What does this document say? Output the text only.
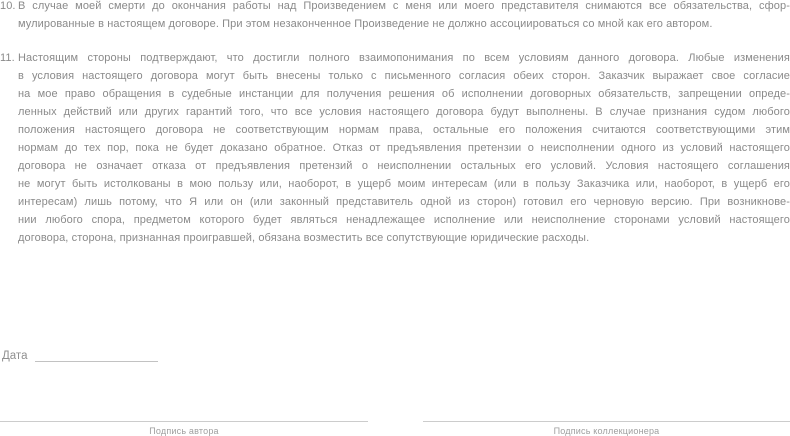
10. В случае моей смерти до окончания работы над Произведением с меня или моего представителя снимаются все обязательства, сфор-
мулированные в настоящем договоре. При этом незаконченное Произведение не должно ассоциироваться со мной как его автором.
11. Настоящим стороны подтверждают, что достигли полного взаимопонимания по всем условиям данного договора. Любые изменения
в условия настоящего договора могут быть внесены только с письменного согласия обеих сторон. Заказчик выражает свое согласие
на мое право обращения в судебные инстанции для получения решения об исполнении договорных обязательств, запрещении опреде-
ленных действий или других гарантий того, что все условия настоящего договора будут выполнены. В случае признания судом любого
положения настоящего договора не соответствующим нормам права, остальные его положения считаются соответствующими этим
нормам до тех пор, пока не будет доказано обратное. Отказ от предъявления претензии о неисполнении одного из условий настоящего
договора не означает отказа от предъявления претензий о неисполнении остальных его условий. Условия настоящего соглашения
не могут быть истолкованы в мою пользу или, наоборот, в ущерб моим интересам (или в пользу Заказчика или, наоборот, в ущерб его
интересам) лишь потому, что Я или он (или законный представитель одной из сторон) готовил его черновую версию. При возникнове-
нии любого спора, предметом которого будет являться ненадлежащее исполнение или неисполнение сторонами условий настоящего
договора, сторона, признанная проигравшей, обязана возместить все сопутствующие юридические расходы.
Дата
Подпись автора	Подпись коллекционера
